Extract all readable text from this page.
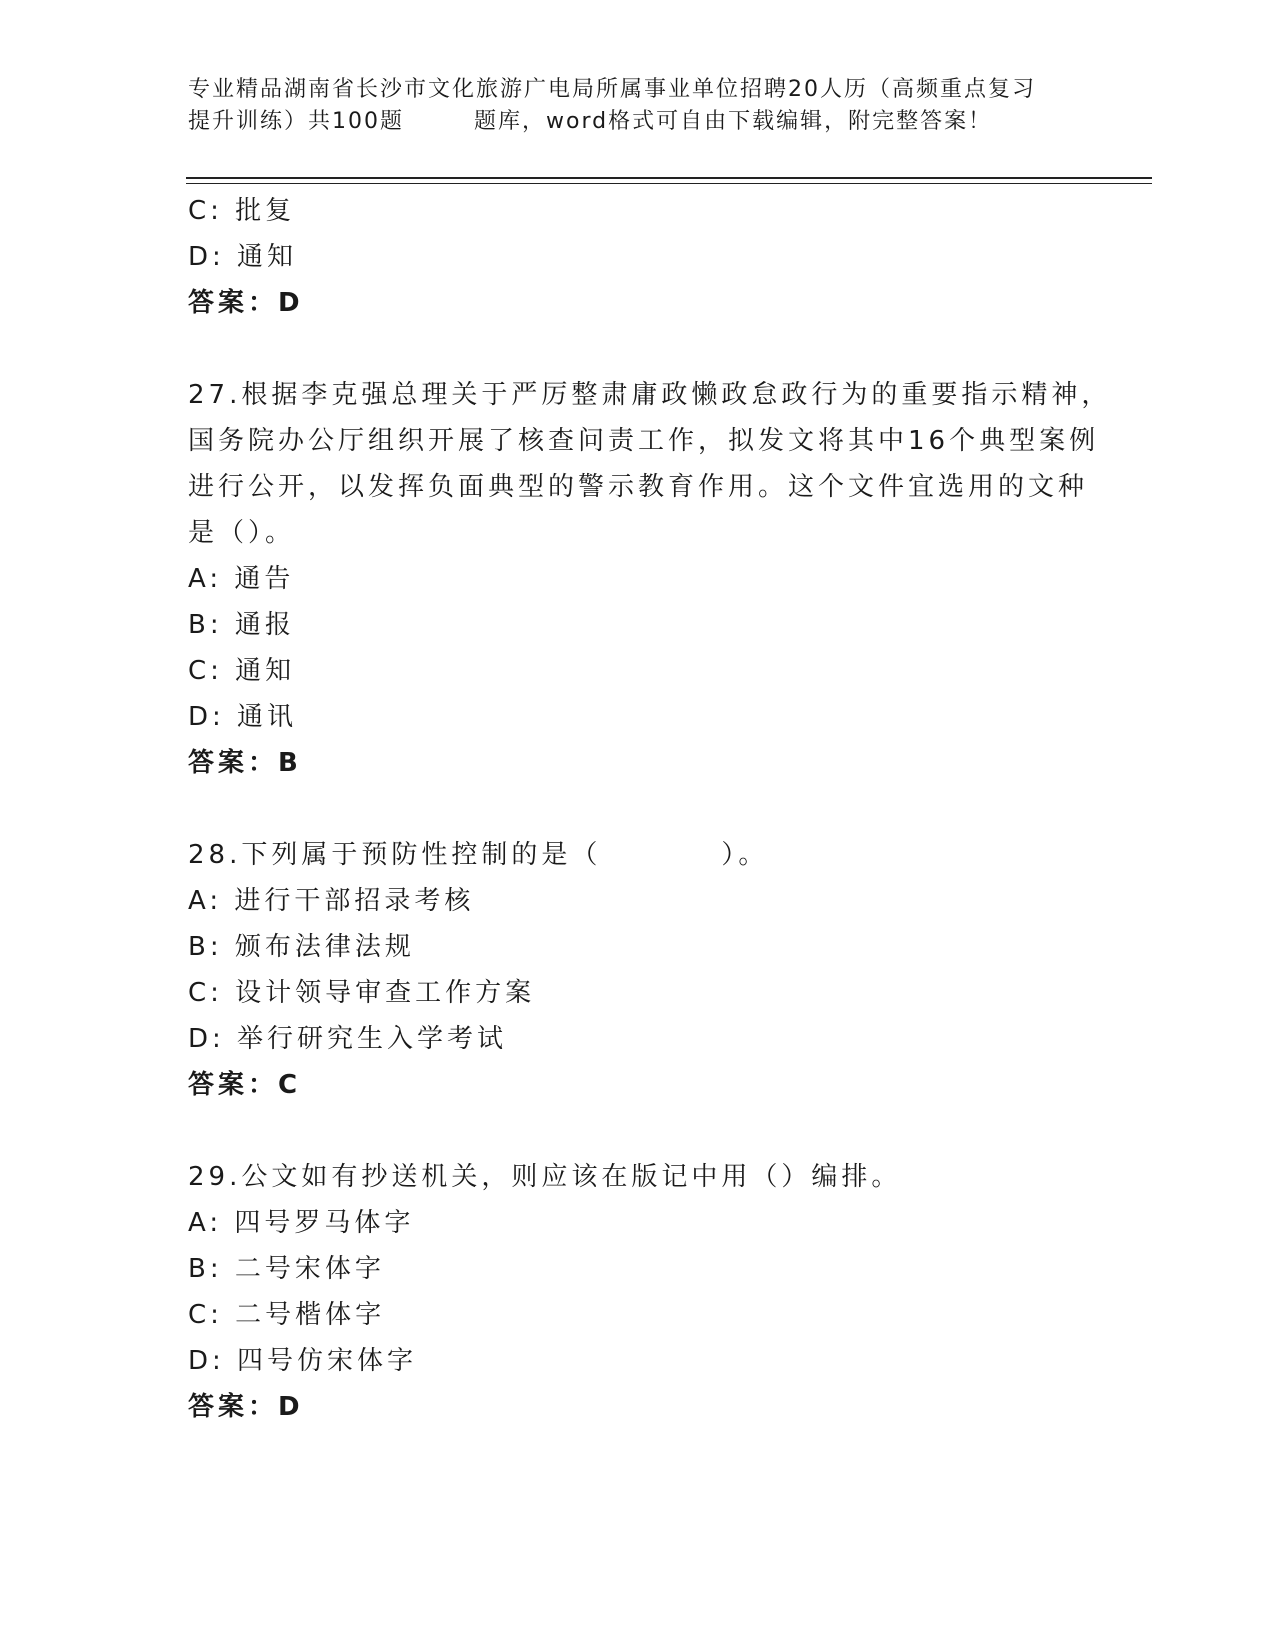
专业精品湖南省长沙市文化旅游广电局所属事业单位招聘20人历（高频重点复习
提升训练）共100题	题库，word格式可自由下载编辑，附完整答案！
C: 批复
D: 通知
答案：D
27.根据李克强总理关于严厉整肃庸政懒政怠政行为的重要指示精神，
国务院办公厅组织开展了核查问责工作，拟发文将其中16个典型案例
进行公开，以发挥负面典型的警示教育作用。这个文件宜选用的文种
是（）。
A: 通告
B: 通报
C: 通知
D: 通讯
答案：B
28.下列属于预防性控制的是（	）。
A: 进行干部招录考核
B: 颁布法律法规
C: 设计领导审查工作方案
D: 举行研究生入学考试
答案：C
29.公文如有抄送机关，则应该在版记中用（）编排。
A: 四号罗马体字
B: 二号宋体字
C: 二号楷体字
D: 四号仿宋体字
答案：D
